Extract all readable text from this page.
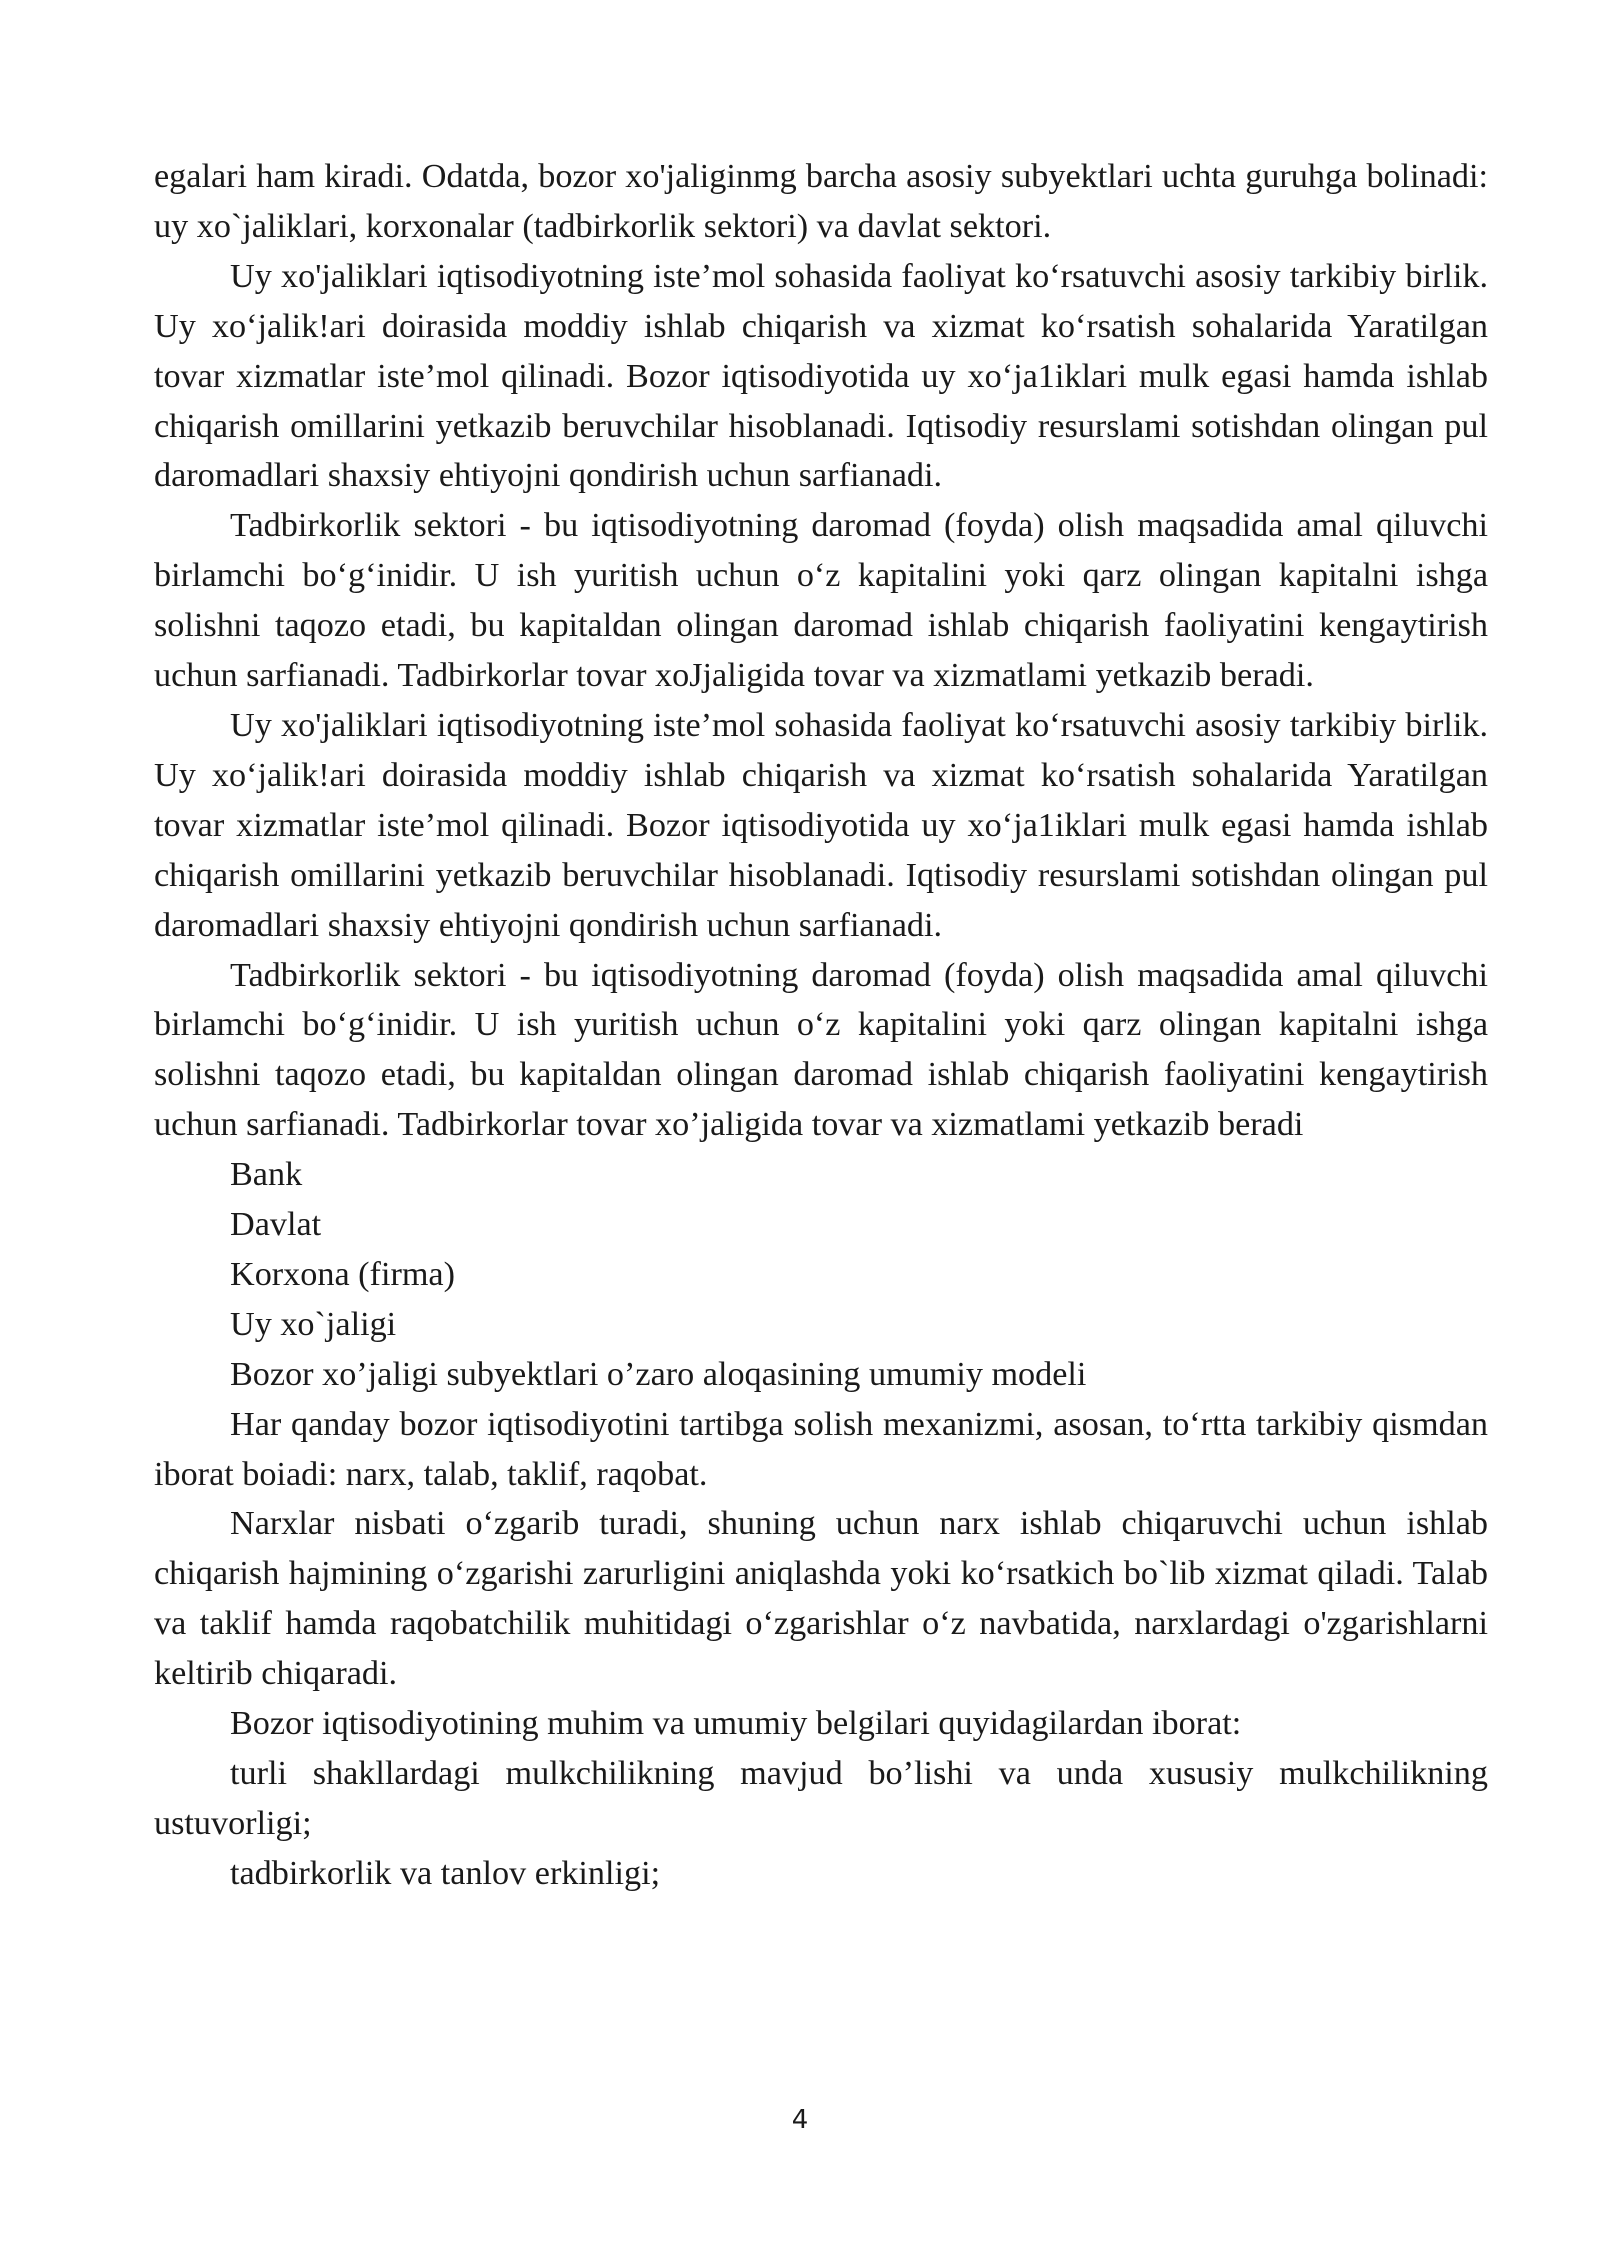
egalari ham kiradi. Odatda, bozor xo'jaliginmg barcha asosiy subyektlari uchta guruhga bolinadi: uy xo`jaliklari, korxonalar (tadbirkorlik sektori) va davlat sektori.

Uy xo'jaliklari iqtisodiyotning iste’mol sohasida faoliyat ko‘rsatuvchi asosiy tarkibiy birlik. Uy xo‘jalik!ari doirasida moddiy ishlab chiqarish va xizmat ko‘rsatish sohalarida Yaratilgan tovar xizmatlar iste’mol qilinadi. Bozor iqtisodiyotida uy xo‘ja1iklari mulk egasi hamda ishlab chiqarish omillarini yetkazib beruvchilar hisoblanadi. Iqtisodiy resurslami sotishdan olingan pul daromadlari shaxsiy ehtiyojni qondirish uchun sarfianadi.

Tadbirkorlik sektori - bu iqtisodiyotning daromad (foyda) olish maqsadida amal qiluvchi birlamchi bo‘g‘inidir. U ish yuritish uchun o‘z kapitalini yoki qarz olingan kapitalni ishga solishni taqozo etadi, bu kapitaldan olingan daromad ishlab chiqarish faoliyatini kengaytirish uchun sarfianadi. Tadbirkorlar tovar xoJjaligida tovar va xizmatlami yetkazib beradi.

Uy xo'jaliklari iqtisodiyotning iste’mol sohasida faoliyat ko‘rsatuvchi asosiy tarkibiy birlik. Uy xo‘jalik!ari doirasida moddiy ishlab chiqarish va xizmat ko‘rsatish sohalarida Yaratilgan tovar xizmatlar iste’mol qilinadi. Bozor iqtisodiyotida uy xo‘ja1iklari mulk egasi hamda ishlab chiqarish omillarini yetkazib beruvchilar hisoblanadi. Iqtisodiy resurslami sotishdan olingan pul daromadlari shaxsiy ehtiyojni qondirish uchun sarfianadi.

Tadbirkorlik sektori - bu iqtisodiyotning daromad (foyda) olish maqsadida amal qiluvchi birlamchi bo‘g‘inidir. U ish yuritish uchun o‘z kapitalini yoki qarz olingan kapitalni ishga solishni taqozo etadi, bu kapitaldan olingan daromad ishlab chiqarish faoliyatini kengaytirish uchun sarfianadi. Tadbirkorlar tovar xo’jaligida tovar va xizmatlami yetkazib beradi

Bank

Davlat

Korxona (firma)

Uy xo`jaligi

Bozor xo’jaligi subyektlari o’zaro aloqasining umumiy modeli

Har qanday bozor iqtisodiyotini tartibga solish mexanizmi, asosan, to‘rtta tarkibiy qismdan iborat boiadi: narx, talab, taklif, raqobat.

Narxlar nisbati o‘zgarib turadi, shuning uchun narx ishlab chiqaruvchi uchun ishlab chiqarish hajmining o‘zgarishi zarurligini aniqlashda yoki ko‘rsatkich bo`lib xizmat qiladi. Talab va taklif hamda raqobatchilik muhitidagi o‘zgarishlar o‘z navbatida, narxlardagi o'zgarishlarni keltirib chiqaradi.

Bozor iqtisodiyotining muhim va umumiy belgilari quyidagilardan iborat:

turli shakllardagi mulkchilikning mavjud bo’lishi va unda xususiy mulkchilikning ustuvorligi;

tadbirkorlik va tanlov erkinligi;

4
